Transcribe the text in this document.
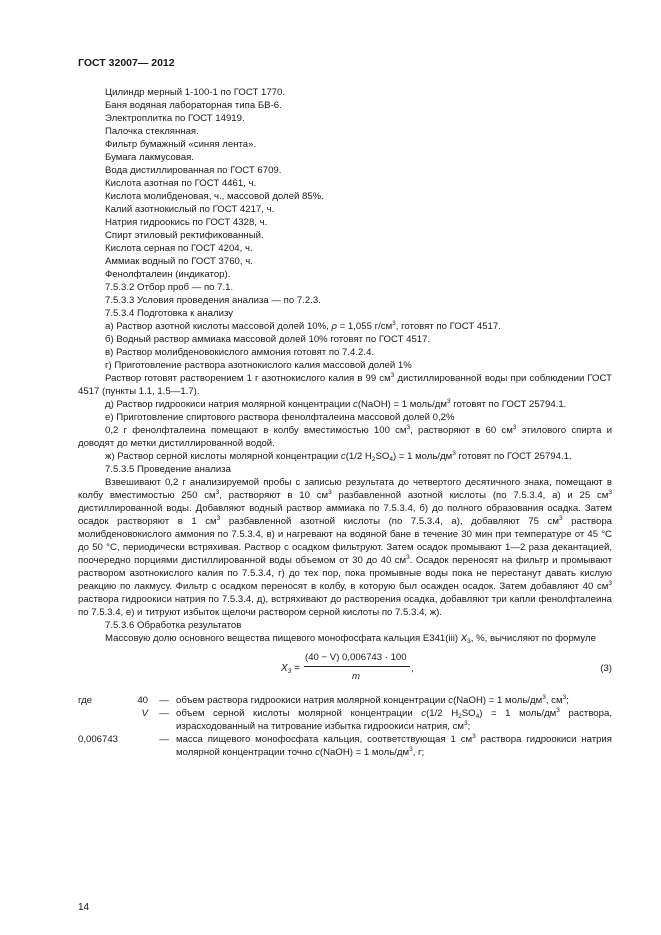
ГОСТ 32007— 2012
Цилиндр мерный 1-100-1 по ГОСТ 1770.
Баня водяная лабораторная типа БВ-6.
Электроплитка по ГОСТ 14919.
Палочка стеклянная.
Фильтр бумажный «синяя лента».
Бумага лакмусовая.
Вода дистиллированная по ГОСТ 6709.
Кислота азотная по ГОСТ 4461, ч.
Кислота молибденовая, ч., массовой долей 85%.
Калий азотнокислый по ГОСТ 4217, ч.
Натрия гидроокись по ГОСТ 4328, ч.
Спирт этиловый ректификованный.
Кислота серная по ГОСТ 4204, ч.
Аммиак водный по ГОСТ 3760, ч.
Фенолфталеин (индикатор).
7.5.3.2 Отбор проб — по 7.1.
7.5.3.3 Условия проведения анализа — по 7.2.3.
7.5.3.4 Подготовка к анализу
а) Раствор азотной кислоты массовой долей 10%, ρ = 1,055 $г/см^3$, готовят по ГОСТ 4517.
б) Водный раствор аммиака массовой долей 10% готовят по ГОСТ 4517.
в) Раствор молибденовокислого аммония готовят по 7.4.2.4.
г) Приготовление раствора азотнокислого калия массовой долей 1%
Раствор готовят растворением 1 г азотнокислого калия в 99 $см^3$ дистиллированной воды при соблюдении ГОСТ 4517 (пункты 1.1, 1.5—1.7).
д) Раствор гидроокиси натрия молярной концентрации c(NaOH) = 1 моль/$дм^3$ готовят по ГОСТ 25794.1.
е) Приготовление спиртового раствора фенолфталеина массовой долей 0,2%
0,2 г фенолфталеина помещают в колбу вместимостью 100 $см^3$, растворяют в 60 $см^3$ этилового спирта и доводят до метки дистиллированной водой.
ж) Раствор серной кислоты молярной концентрации c(1/2 $H_2SO_4) = 1$ моль/$дм^3$ готовят по ГОСТ 25794.1.
7.5.3.5 Проведение анализа
Взвешивают 0,2 г анализируемой пробы с записью результата до четвертого десятичного знака, помещают в колбу вместимостью 250 $см^3$, растворяют в 10 $см^3$ разбавленной азотной кислоты (по 7.5.3.4, а) и 25 $см^3$ дистиллированной воды. Добавляют водный раствор аммиака по 7.5.3.4, б) до полного образования осадка. Затем осадок растворяют в 1 $см^3$ разбавленной азотной кислоты (по 7.5.3.4, а), добавляют 75 $см^3$ раствора молибденовокислого аммония по 7.5.3.4, в) и нагревают на водяной бане в течение 30 мин при температуре от 45 °С до 50 °С, периодически встряхивая. Раствор с осадком фильтруют. Затем осадок промывают 1—2 раза декантацией, поочередно порциями дистиллированной воды объемом от 30 до 40 $см^3$. Осадок переносят на фильтр и промывают раствором азотнокислого калия по 7.5.3.4, г) до тех пор, пока промывные воды пока не перестанут давать кислую реакцию по лакмусу. Фильтр с осадком переносят в колбу, в которую был осажден осадок. Затем добавляют 40 $см^3$ раствора гидроокиси натрия по 7.5.3.4, д), встряхивают до растворения осадка, добавляют три капли фенолфталеина по 7.5.3.4, е) и титруют избыток щелочи раствором серной кислоты по 7.5.3.4, ж).
7.5.3.6 Обработка результатов
Массовую долю основного вещества пищевого монофосфата кальция Е341(iii) $X_3$, %, вычисляют по формуле
$X_3$ =
(40 − V) 0,006743 · 100
m
,	(3)
где	40	—	объем раствора гидроокиси натрия молярной концентрации c(NaOH) = 1 моль/$дм^3$, $см^3$;
	V	—	объем серной кислоты молярной концентрации c(1/2 $H_2SO_4) = 1$ моль/$дм^3$ раствора, израсходованный на титрование избытка гидроокиси натрия, $см^3$;
0,006743		—	масса пищевого монофосфата кальция, соответствующая 1 $см^3$ раствора гидроокиси натрия молярной концентрации точно c(NaOH) = 1 моль/$дм^3$, г;
14
